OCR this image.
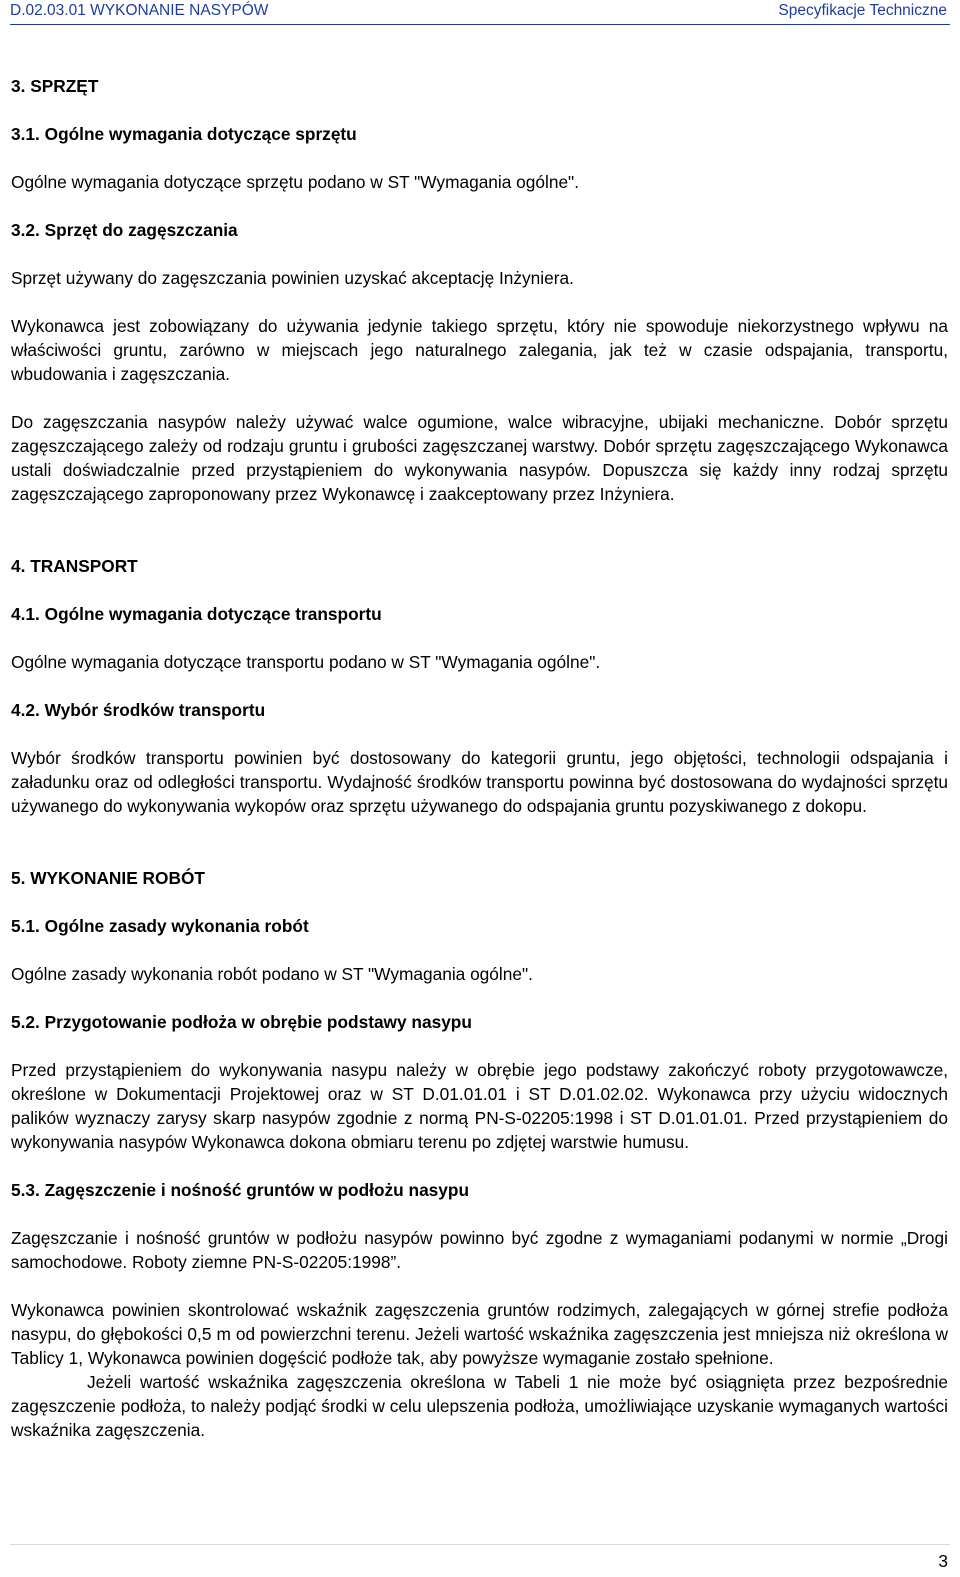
D.02.03.01 WYKONANIE NASYPÓW	Specyfikacje Techniczne
3. SPRZĘT
3.1. Ogólne wymagania dotyczące sprzętu

Ogólne wymagania dotyczące sprzętu podano w ST "Wymagania ogólne".

3.2. Sprzęt do zagęszczania

Sprzęt używany do zagęszczania powinien uzyskać akceptację Inżyniera.

Wykonawca jest zobowiązany do używania jedynie takiego sprzętu, który nie spowoduje niekorzystnego wpływu na właściwości gruntu, zarówno w miejscach jego naturalnego zalegania, jak też w czasie odspajania, transportu, wbudowania i zagęszczania.

Do zagęszczania nasypów należy używać walce ogumione, walce wibracyjne, ubijaki mechaniczne. Dobór sprzętu zagęszczającego zależy od rodzaju gruntu i grubości zagęszczanej warstwy. Dobór sprzętu zagęszczającego Wykonawca ustali doświadczalnie przed przystąpieniem do wykonywania nasypów. Dopuszcza się każdy inny rodzaj sprzętu zagęszczającego zaproponowany przez Wykonawcę i zaakceptowany przez Inżyniera.

4. TRANSPORT
4.1. Ogólne wymagania dotyczące transportu

Ogólne wymagania dotyczące transportu podano w ST "Wymagania ogólne".

4.2. Wybór środków transportu

Wybór środków transportu powinien być dostosowany do kategorii gruntu, jego objętości, technologii odspajania i załadunku oraz od odległości transportu. Wydajność środków transportu powinna być dostosowana do wydajności sprzętu używanego do wykonywania wykopów oraz sprzętu używanego do odspajania gruntu pozyskiwanego z dokopu.

5. WYKONANIE ROBÓT
5.1. Ogólne zasady wykonania robót

Ogólne zasady wykonania robót podano w ST "Wymagania ogólne".

5.2. Przygotowanie podłoża w obrębie podstawy nasypu

Przed przystąpieniem do wykonywania nasypu należy w obrębie jego podstawy zakończyć roboty przygotowawcze, określone w Dokumentacji Projektowej oraz w ST D.01.01.01 i ST D.01.02.02. Wykonawca przy użyciu widocznych palików wyznaczy zarysy skarp nasypów zgodnie z normą PN-S-02205:1998 i ST D.01.01.01. Przed przystąpieniem do wykonywania nasypów Wykonawca dokona obmiaru terenu po zdjętej warstwie humusu.

5.3. Zagęszczenie i nośność gruntów w podłożu nasypu

Zagęszczanie i nośność gruntów w podłożu nasypów powinno być zgodne z wymaganiami podanymi w normie „Drogi samochodowe. Roboty ziemne PN-S-02205:1998”.

Wykonawca powinien skontrolować wskaźnik zagęszczenia gruntów rodzimych, zalegających w górnej strefie podłoża nasypu, do głębokości 0,5 m od powierzchni terenu. Jeżeli wartość wskaźnika zagęszczenia jest mniejsza niż określona w Tablicy 1, Wykonawca powinien dogęścić podłoże tak, aby powyższe wymaganie zostało spełnione.

Jeżeli wartość wskaźnika zagęszczenia określona w Tabeli 1 nie może być osiągnięta przez bezpośrednie zagęszczenie podłoża, to należy podjąć środki w celu ulepszenia podłoża, umożliwiające uzyskanie wymaganych wartości wskaźnika zagęszczenia.

3
